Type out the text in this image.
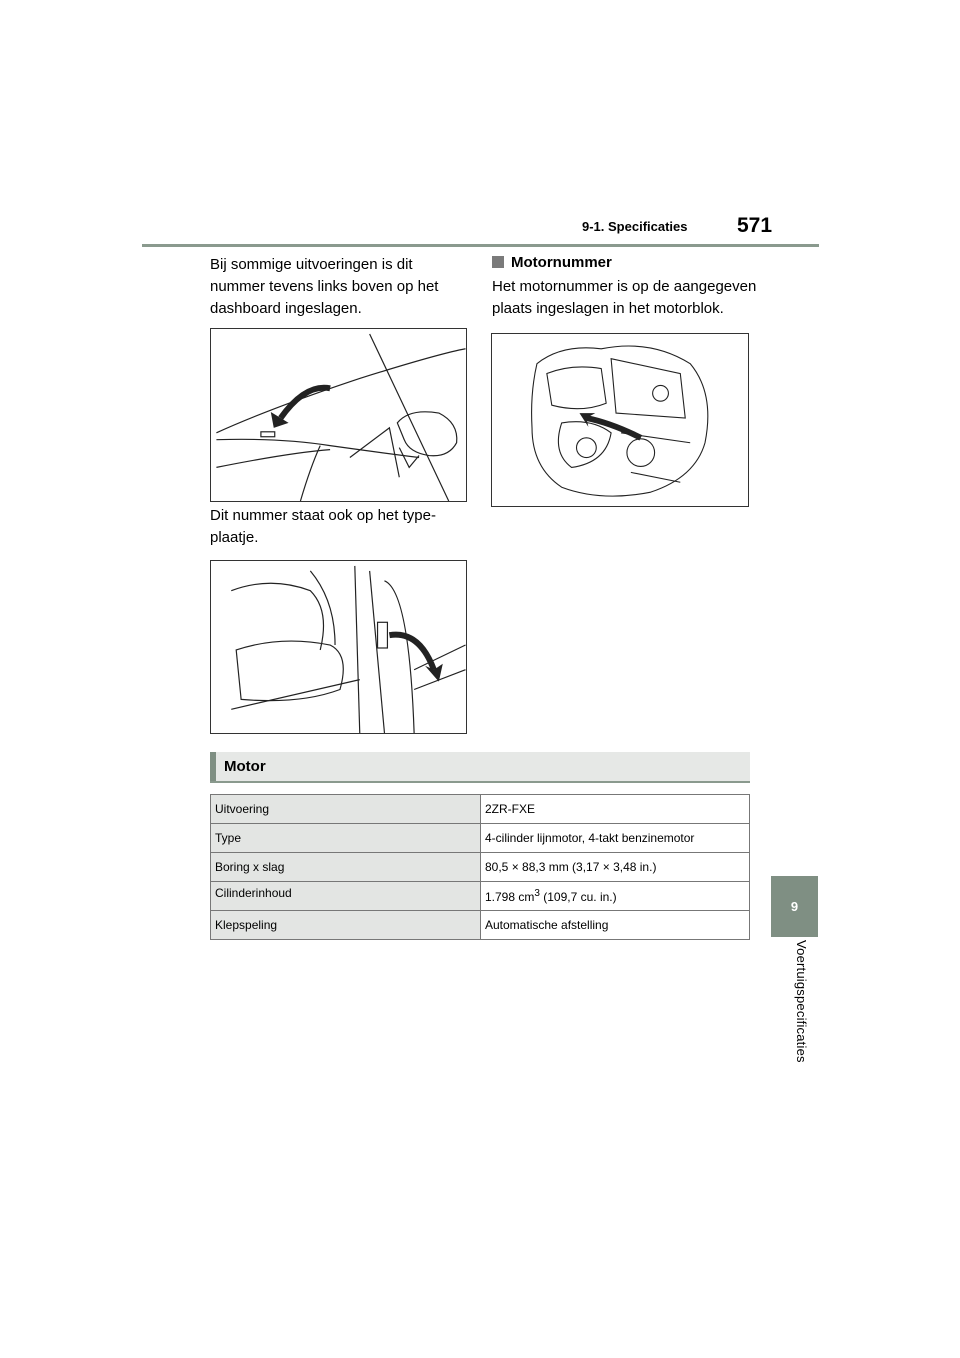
9-1. Specificaties 571
9
Voertuigspecificaties

Bij sommige uitvoeringen is dit nummer tevens links boven op het dashboard ingeslagen.

Dit nummer staat ook op het type-plaatje.

Motornummer

Het motornummer is op de aangegeven plaats ingeslagen in het motorblok.

Motor
Uitvoering	2ZR-FXE
Type	4-cilinder lijnmotor, 4-takt benzinemotor
Boring x slag	80,5 × 88,3 mm (3,17 × 3,48 in.)
Cilinderinhoud	1.798 $cm^3$ (109,7 cu. in.)
Klepspeling	Automatische afstelling
